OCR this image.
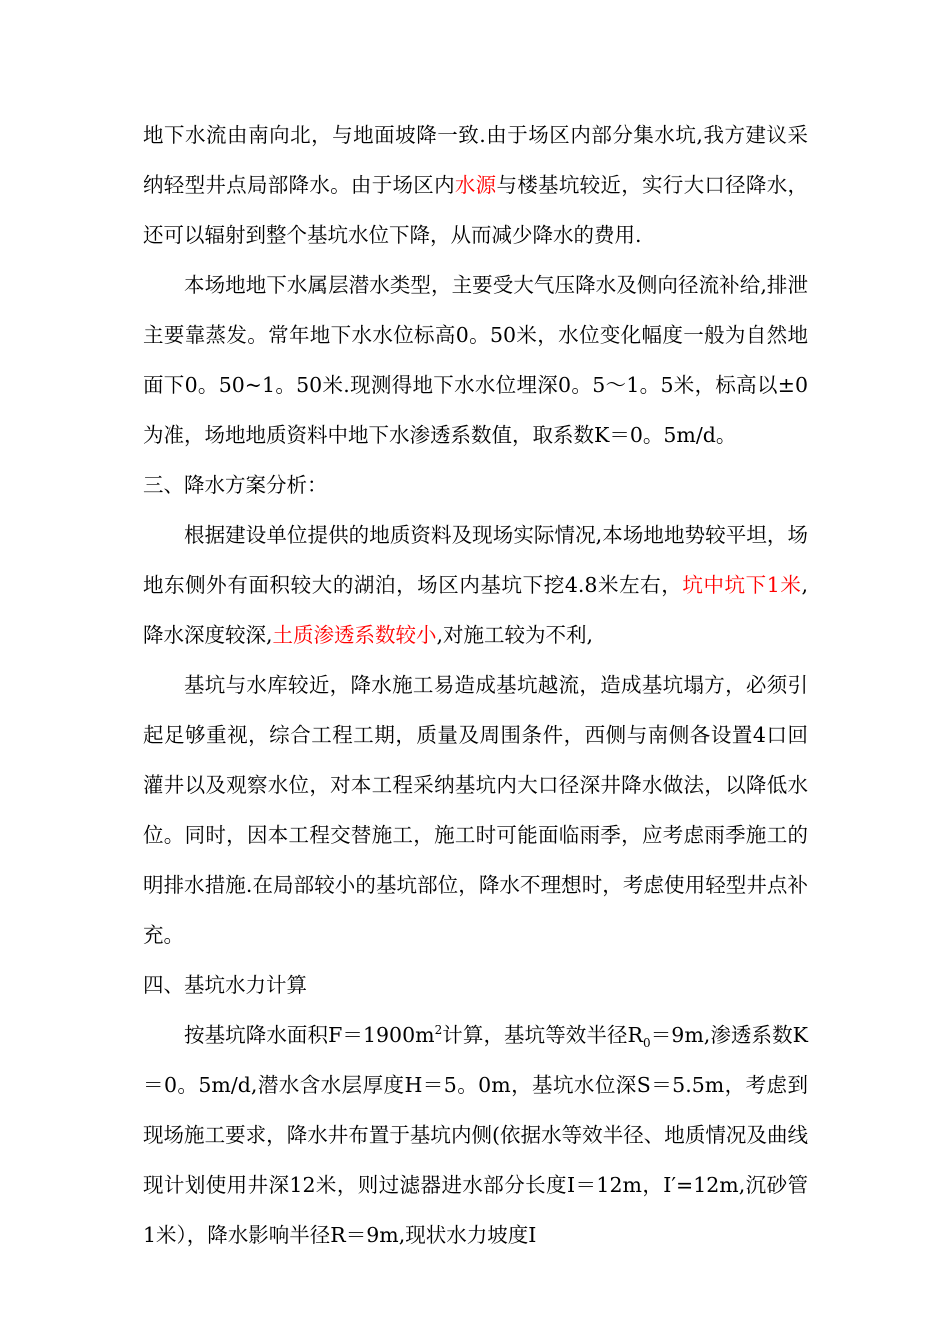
地下水流由南向北，与地面坡降一致.由于场区内部分集水坑,我方建议采纳轻型井点局部降水。由于场区内水源与楼基坑较近，实行大口径降水，还可以辐射到整个基坑水位下降，从而减少降水的费用.

本场地地下水属层潜水类型，主要受大气压降水及侧向径流补给,排泄主要靠蒸发。常年地下水水位标高0。50米，水位变化幅度一般为自然地面下0。50~1。50米.现测得地下水水位埋深0。5～1。5米，标高以±0为准，场地地质资料中地下水渗透系数值，取系数K＝0。5m/d。

三、降水方案分析：

根据建设单位提供的地质资料及现场实际情况,本场地地势较平坦，场地东侧外有面积较大的湖泊，场区内基坑下挖4.8米左右，坑中坑下1米,降水深度较深,土质渗透系数较小,对施工较为不利,

基坑与水库较近，降水施工易造成基坑越流，造成基坑塌方，必须引起足够重视，综合工程工期，质量及周围条件，西侧与南侧各设置4口回灌井以及观察水位，对本工程采纳基坑内大口径深井降水做法，以降低水位。同时，因本工程交替施工，施工时可能面临雨季，应考虑雨季施工的明排水措施.在局部较小的基坑部位，降水不理想时，考虑使用轻型井点补充。

四、基坑水力计算

按基坑降水面积$F=1900m^2$计算，基坑等效半径$R_0=9m$,渗透系数K＝0。5m/d,潜水含水层厚度H＝5。0m，基坑水位深S＝5.5m，考虑到现场施工要求，降水井布置于基坑内侧(依据水等效半径、地质情况及曲线现计划使用井深12米，则过滤器进水部分长度I＝12m，I′=12m,沉砂管1米），降水影响半径R＝9m,现状水力坡度I
